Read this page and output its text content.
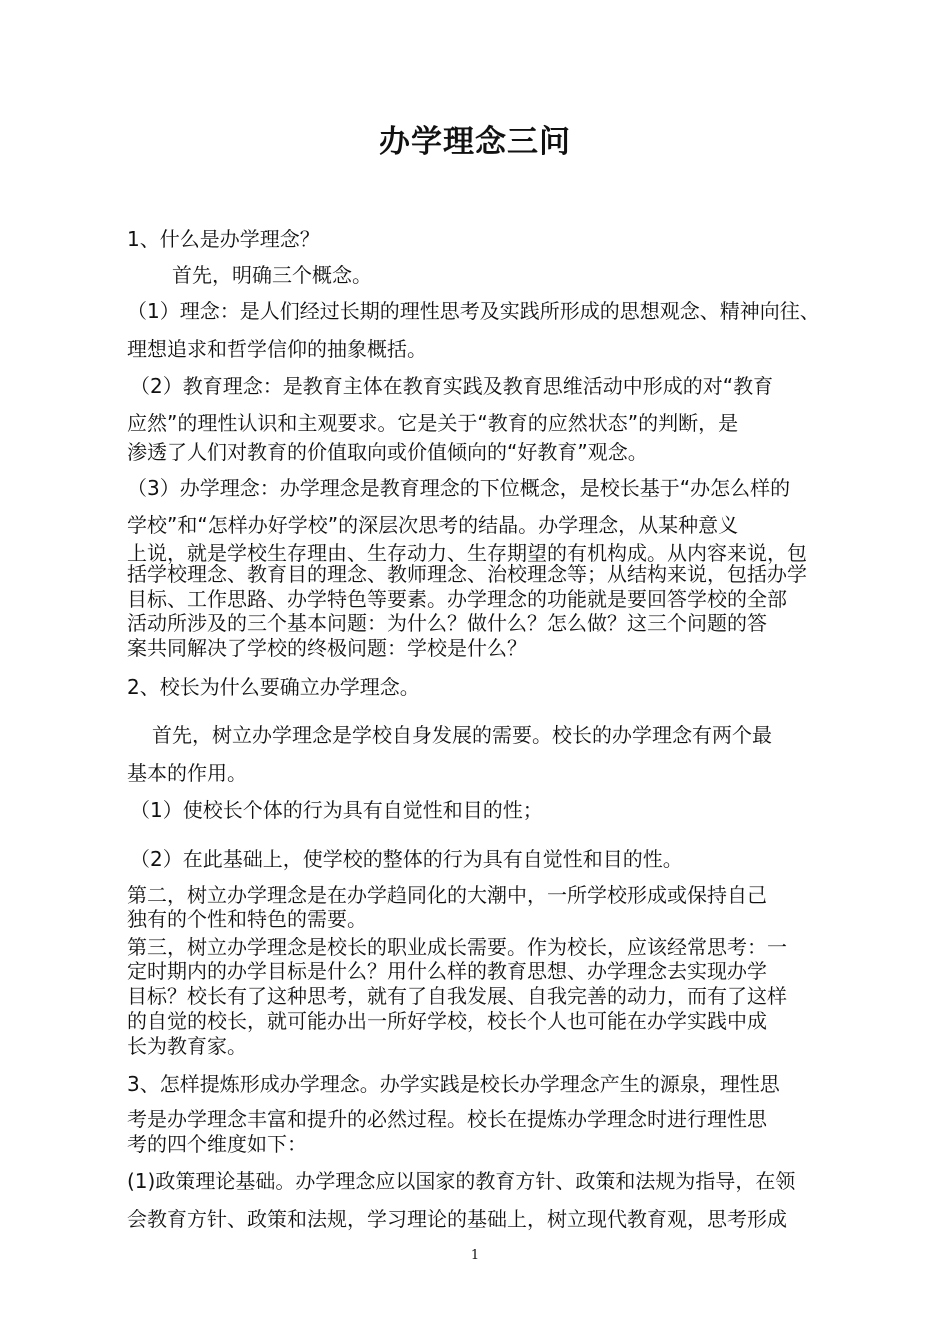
办学理念三问
1、什么是办学理念？
首先，明确三个概念。
（1）理念：是人们经过长期的理性思考及实践所形成的思想观念、精神向往、
理想追求和哲学信仰的抽象概括。
（2）教育理念：是教育主体在教育实践及教育思维活动中形成的对“教育
应然”的理性认识和主观要求。它是关于“教育的应然状态”的判断，是
渗透了人们对教育的价值取向或价值倾向的“好教育”观念。
（3）办学理念：办学理念是教育理念的下位概念，是校长基于“办怎么样的
学校”和“怎样办好学校”的深层次思考的结晶。办学理念，从某种意义
上说，就是学校生存理由、生存动力、生存期望的有机构成。从内容来说，包
括学校理念、教育目的理念、教师理念、治校理念等；从结构来说，包括办学
目标、工作思路、办学特色等要素。办学理念的功能就是要回答学校的全部
活动所涉及的三个基本问题：为什么？做什么？怎么做？这三个问题的答
案共同解决了学校的终极问题：学校是什么？
2、校长为什么要确立办学理念。
首先，树立办学理念是学校自身发展的需要。校长的办学理念有两个最
基本的作用。
（1）使校长个体的行为具有自觉性和目的性；
（2）在此基础上，使学校的整体的行为具有自觉性和目的性。
第二，树立办学理念是在办学趋同化的大潮中，一所学校形成或保持自己
独有的个性和特色的需要。
第三，树立办学理念是校长的职业成长需要。作为校长，应该经常思考：一
定时期内的办学目标是什么？用什么样的教育思想、办学理念去实现办学
目标？校长有了这种思考，就有了自我发展、自我完善的动力，而有了这样
的自觉的校长，就可能办出一所好学校，校长个人也可能在办学实践中成
长为教育家。
3、怎样提炼形成办学理念。办学实践是校长办学理念产生的源泉，理性思
考是办学理念丰富和提升的必然过程。校长在提炼办学理念时进行理性思
考的四个维度如下：
(1)政策理论基础。办学理念应以国家的教育方针、政策和法规为指导，在领
会教育方针、政策和法规，学习理论的基础上，树立现代教育观，思考形成
1
